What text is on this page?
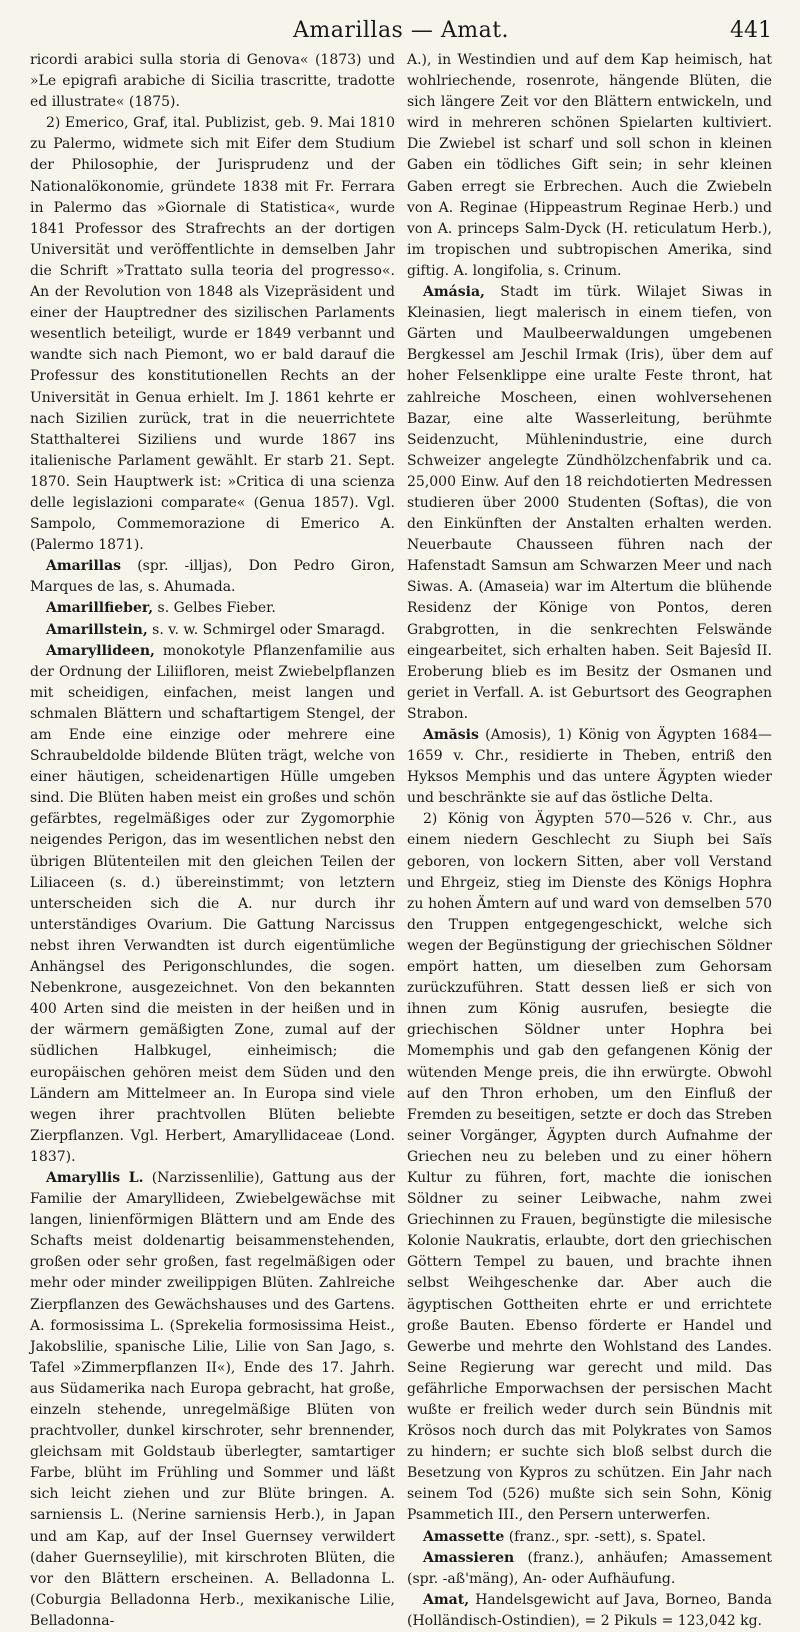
Amarillas — Amat.	441

ricordi arabici sulla storia di Genova« (1873) und »Le epigrafi arabiche di Sicilia trascritte, tradotte ed illustrate« (1875).

2) Emerico, Graf, ital. Publizist, geb. 9. Mai 1810 zu Palermo, widmete sich mit Eifer dem Studium der Philosophie, der Jurisprudenz und der Nationalökonomie, gründete 1838 mit Fr. Ferrara in Palermo das »Giornale di Statistica«, wurde 1841 Professor des Strafrechts an der dortigen Universität und veröffentlichte in demselben Jahr die Schrift »Trattato sulla teoria del progresso«. An der Revolution von 1848 als Vizepräsident und einer der Hauptredner des sizilischen Parlaments wesentlich beteiligt, wurde er 1849 verbannt und wandte sich nach Piemont, wo er bald darauf die Professur des konstitutionellen Rechts an der Universität in Genua erhielt. Im J. 1861 kehrte er nach Sizilien zurück, trat in die neuerrichtete Statthalterei Siziliens und wurde 1867 ins italienische Parlament gewählt. Er starb 21. Sept. 1870. Sein Hauptwerk ist: »Critica di una scienza delle legislazioni comparate« (Genua 1857). Vgl. Sampolo, Commemorazione di Emerico A. (Palermo 1871).

Amarillas (spr. -illjas), Don Pedro Giron, Marques de las, s. Ahumada.

Amarillfieber, s. Gelbes Fieber.

Amarillstein, s. v. w. Schmirgel oder Smaragd.

Amaryllideen, monokotyle Pflanzenfamilie aus der Ordnung der Liliifloren, meist Zwiebelpflanzen mit scheidigen, einfachen, meist langen und schmalen Blättern und schaftartigem Stengel, der am Ende eine einzige oder mehrere eine Schraubeldolde bildende Blüten trägt, welche von einer häutigen, scheidenartigen Hülle umgeben sind. Die Blüten haben meist ein großes und schön gefärbtes, regelmäßiges oder zur Zygomorphie neigendes Perigon, das im wesentlichen nebst den übrigen Blütenteilen mit den gleichen Teilen der Liliaceen (s. d.) übereinstimmt; von letztern unterscheiden sich die A. nur durch ihr unterständiges Ovarium. Die Gattung Narcissus nebst ihren Verwandten ist durch eigentümliche Anhängsel des Perigonschlundes, die sogen. Nebenkrone, ausgezeichnet. Von den bekannten 400 Arten sind die meisten in der heißen und in der wärmern gemäßigten Zone, zumal auf der südlichen Halbkugel, einheimisch; die europäischen gehören meist dem Süden und den Ländern am Mittelmeer an. In Europa sind viele wegen ihrer prachtvollen Blüten beliebte Zierpflanzen. Vgl. Herbert, Amaryllidaceae (Lond. 1837).

Amaryllis L. (Narzissenlilie), Gattung aus der Familie der Amaryllideen, Zwiebelgewächse mit langen, linienförmigen Blättern und am Ende des Schafts meist doldenartig beisammenstehenden, großen oder sehr großen, fast regelmäßigen oder mehr oder minder zweilippigen Blüten. Zahlreiche Zierpflanzen des Gewächshauses und des Gartens. A. formosissima L. (Sprekelia formosissima Heist., Jakobslilie, spanische Lilie, Lilie von San Jago, s. Tafel »Zimmerpflanzen II«), Ende des 17. Jahrh. aus Südamerika nach Europa gebracht, hat große, einzeln stehende, unregelmäßige Blüten von prachtvoller, dunkel kirschroter, sehr brennender, gleichsam mit Goldstaub überlegter, samtartiger Farbe, blüht im Frühling und Sommer und läßt sich leicht ziehen und zur Blüte bringen. A. sarniensis L. (Nerine sarniensis Herb.), in Japan und am Kap, auf der Insel Guernsey verwildert (daher Guernseylilie), mit kirschroten Blüten, die vor den Blättern erscheinen. A. Belladonna L. (Coburgia Belladonna Herb., mexikanische Lilie, Belladonna-

A.), in Westindien und auf dem Kap heimisch, hat wohlriechende, rosenrote, hängende Blüten, die sich längere Zeit vor den Blättern entwickeln, und wird in mehreren schönen Spielarten kultiviert. Die Zwiebel ist scharf und soll schon in kleinen Gaben ein tödliches Gift sein; in sehr kleinen Gaben erregt sie Erbrechen. Auch die Zwiebeln von A. Reginae (Hippeastrum Reginae Herb.) und von A. princeps Salm-Dyck (H. reticulatum Herb.), im tropischen und subtropischen Amerika, sind giftig. A. longifolia, s. Crinum.

Amásia, Stadt im türk. Wilajet Siwas in Kleinasien, liegt malerisch in einem tiefen, von Gärten und Maulbeerwaldungen umgebenen Bergkessel am Jeschil Irmak (Iris), über dem auf hoher Felsenklippe eine uralte Feste thront, hat zahlreiche Moscheen, einen wohlversehenen Bazar, eine alte Wasserleitung, berühmte Seidenzucht, Mühlenindustrie, eine durch Schweizer angelegte Zündhölzchenfabrik und ca. 25,000 Einw. Auf den 18 reichdotierten Medressen studieren über 2000 Studenten (Softas), die von den Einkünften der Anstalten erhalten werden. Neuerbaute Chausseen führen nach der Hafenstadt Samsun am Schwarzen Meer und nach Siwas. A. (Amaseia) war im Altertum die blühende Residenz der Könige von Pontos, deren Grabgrotten, in die senkrechten Felswände eingearbeitet, sich erhalten haben. Seit Bajesîd II. Eroberung blieb es im Besitz der Osmanen und geriet in Verfall. A. ist Geburtsort des Geographen Strabon.

Amăsis (Amosis), 1) König von Ägypten 1684—1659 v. Chr., residierte in Theben, entriß den Hyksos Memphis und das untere Ägypten wieder und beschränkte sie auf das östliche Delta.

2) König von Ägypten 570—526 v. Chr., aus einem niedern Geschlecht zu Siuph bei Saïs geboren, von lockern Sitten, aber voll Verstand und Ehrgeiz, stieg im Dienste des Königs Hophra zu hohen Ämtern auf und ward von demselben 570 den Truppen entgegengeschickt, welche sich wegen der Begünstigung der griechischen Söldner empört hatten, um dieselben zum Gehorsam zurückzuführen. Statt dessen ließ er sich von ihnen zum König ausrufen, besiegte die griechischen Söldner unter Hophra bei Momemphis und gab den gefangenen König der wütenden Menge preis, die ihn erwürgte. Obwohl auf den Thron erhoben, um den Einfluß der Fremden zu beseitigen, setzte er doch das Streben seiner Vorgänger, Ägypten durch Aufnahme der Griechen neu zu beleben und zu einer höhern Kultur zu führen, fort, machte die ionischen Söldner zu seiner Leibwache, nahm zwei Griechinnen zu Frauen, begünstigte die milesische Kolonie Naukratis, erlaubte, dort den griechischen Göttern Tempel zu bauen, und brachte ihnen selbst Weihgeschenke dar. Aber auch die ägyptischen Gottheiten ehrte er und errichtete große Bauten. Ebenso förderte er Handel und Gewerbe und mehrte den Wohlstand des Landes. Seine Regierung war gerecht und mild. Das gefährliche Emporwachsen der persischen Macht wußte er freilich weder durch sein Bündnis mit Krösos noch durch das mit Polykrates von Samos zu hindern; er suchte sich bloß selbst durch die Besetzung von Kypros zu schützen. Ein Jahr nach seinem Tod (526) mußte sich sein Sohn, König Psammetich III., den Persern unterwerfen.

Amassette (franz., spr. -sett), s. Spatel.

Amassieren (franz.), anhäufen; Amassement (spr. -aß'mäng), An- oder Aufhäufung.

Amat, Handelsgewicht auf Java, Borneo, Banda (Holländisch-Ostindien), = 2 Pikuls = 123,042 kg.
